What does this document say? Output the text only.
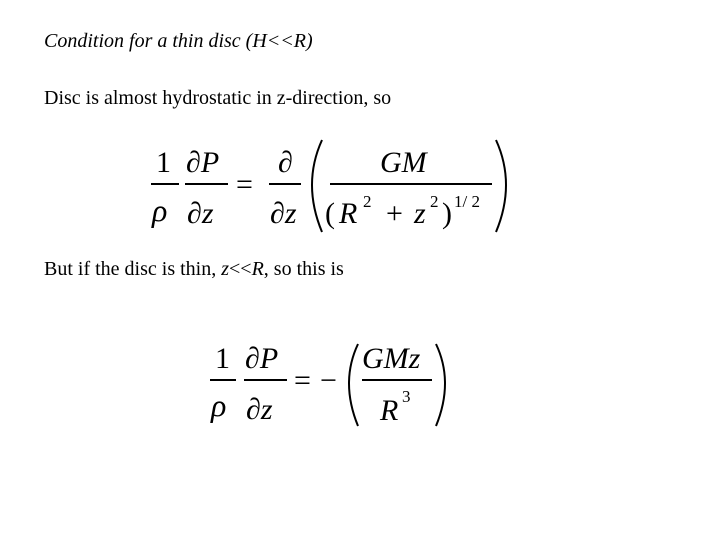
Condition for a thin disc (H<<R)
Disc is almost hydrostatic in z-direction, so
But if the disc is thin, z<<R, so this is
1
ρ
∂P
∂z
=
∂
∂z
GM
( R 2 + z 2 ) 1/ 2
1
ρ
∂P
∂z
= −
GMz
R 3
